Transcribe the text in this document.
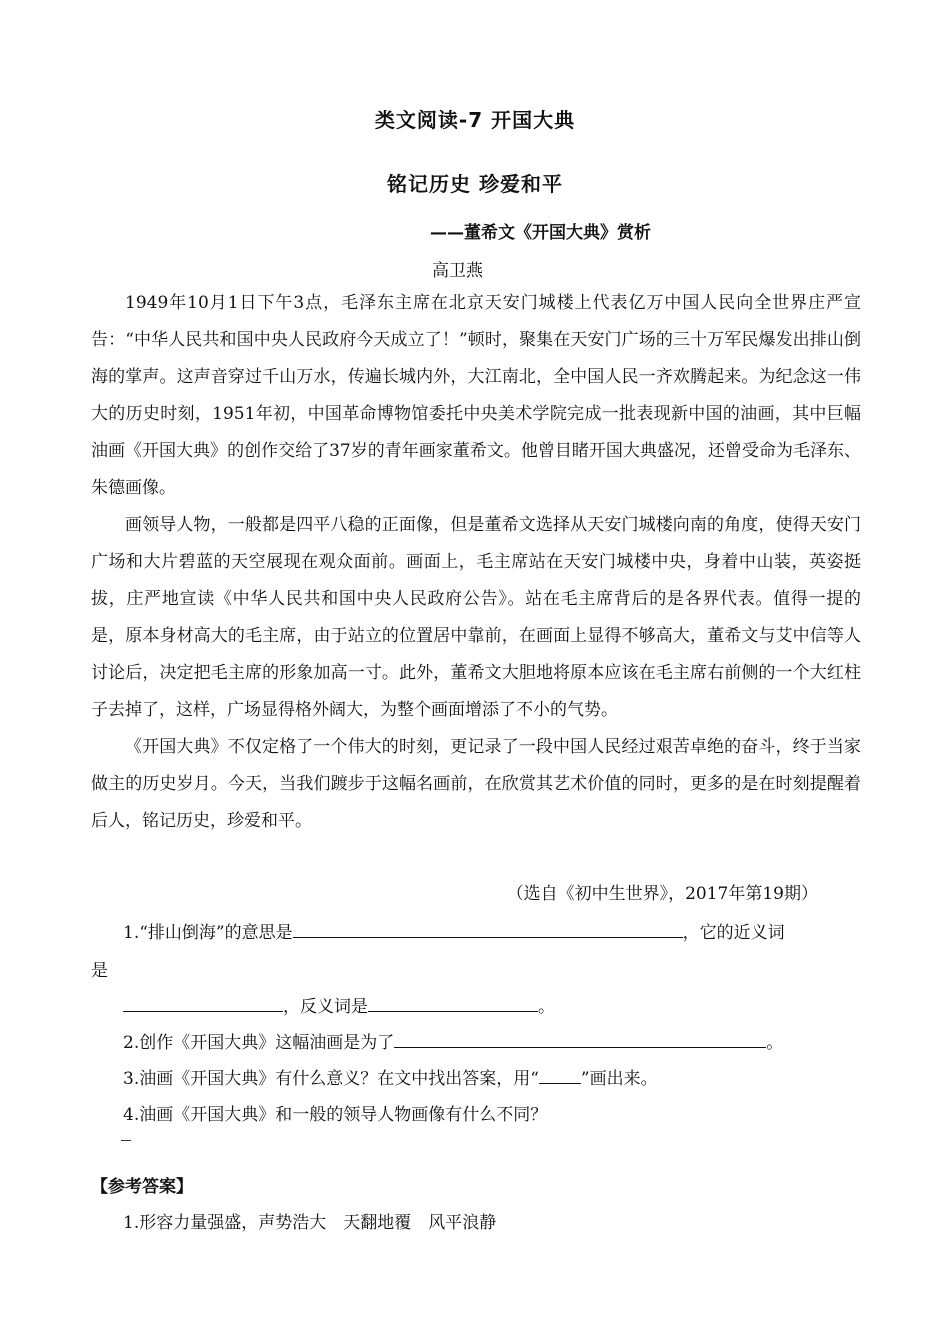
类文阅读-7 开国大典
铭记历史 珍爱和平
——董希文《开国大典》赏析
高卫燕

1949年10月1日下午3点，毛泽东主席在北京天安门城楼上代表亿万中国人民向全世界庄严宣告：“中华人民共和国中央人民政府今天成立了！”顿时，聚集在天安门广场的三十万军民爆发出排山倒海的掌声。这声音穿过千山万水，传遍长城内外，大江南北，全中国人民一齐欢腾起来。为纪念这一伟大的历史时刻，1951年初，中国革命博物馆委托中央美术学院完成一批表现新中国的油画，其中巨幅油画《开国大典》的创作交给了37岁的青年画家董希文。他曾目睹开国大典盛况，还曾受命为毛泽东、朱德画像。

画领导人物，一般都是四平八稳的正面像，但是董希文选择从天安门城楼向南的角度，使得天安门广场和大片碧蓝的天空展现在观众面前。画面上，毛主席站在天安门城楼中央，身着中山装，英姿挺拔，庄严地宣读《中华人民共和国中央人民政府公告》。站在毛主席背后的是各界代表。值得一提的是，原本身材高大的毛主席，由于站立的位置居中靠前，在画面上显得不够高大，董希文与艾中信等人讨论后，决定把毛主席的形象加高一寸。此外，董希文大胆地将原本应该在毛主席右前侧的一个大红柱子去掉了，这样，广场显得格外阔大，为整个画面增添了不小的气势。

《开国大典》不仅定格了一个伟大的时刻，更记录了一段中国人民经过艰苦卓绝的奋斗，终于当家做主的历史岁月。今天，当我们踱步于这幅名画前，在欣赏其艺术价值的同时，更多的是在时刻提醒着后人，铭记历史，珍爱和平。

（选自《初中生世界》，2017年第19期）
1.“排山倒海”的意思是	，它的近义词
是
，反义词是	。
2.创作《开国大典》这幅油画是为了	。
3.油画《开国大典》有什么意义？在文中找出答案，用“ ”画出来。
4.油画《开国大典》和一般的领导人物画像有什么不同？
【参考答案】
1.形容力量强盛，声势浩大　天翻地覆　风平浪静
